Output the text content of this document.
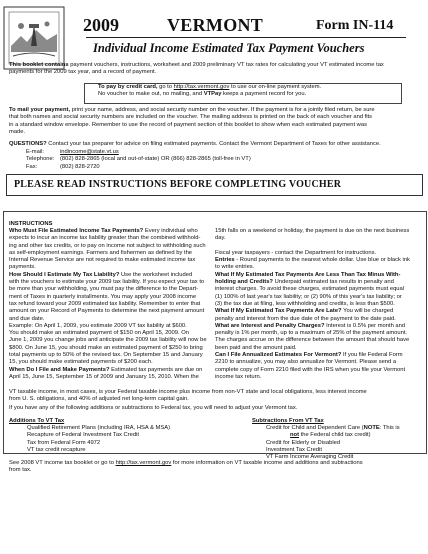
2009	VERMONT	Form IN-114
Individual Income Estimated Tax Payment Vouchers
This booklet contains payment vouchers, instructions, worksheet and 2009 preliminary VT tax rates for calculating your VT estimated income tax
payments for the 2009 tax year, and a record of payment.
To pay by credit card, go to http://tax.vermont.gov to use our on-line payment system.
No voucher to make out, no mailing, and VTPay keeps a payment record for you.
To mail your payment, print your name, address, and social security number on the voucher. If the payment is for a jointly filed return, be sure
that both names and social security numbers are included on the voucher. The mailing address is printed on the back of each voucher and fits
in a standard window envelope. Remember to use the record of payment section of this booklet to show when each estimated payment was
made.
QUESTIONS? Contact your tax preparer for advice on filing estimated payments. Contact the Vermont Department of Taxes for other assistance.
E-mail:
Telephone:
Fax:
indincome@state.vt.us
(802) 828-2865 (local and out-of-state) OR (866) 828-2865 (toll-free in VT)
(802) 828-2720
PLEASE READ INSTRUCTIONS BEFORE COMPLETING VOUCHER
INSTRUCTIONS
Who Must File Estimated Income Tax Payments? Every individual who
expects to incur an income tax liability greater than the combined withhold-
ing and other tax credits, or to pay on income not subject to withholding such
as self-employment earnings. Farmers and fishermen as defined by the
Internal Revenue Service are not required to make estimated income tax
payments.
How Should I Estimate My Tax Liability? Use the worksheet included
with the vouchers to estimate your 2009 tax liability. If you expect your tax to
be more than your withholding, you must pay the difference to the Depart-
ment of Taxes in quarterly installments. You may apply your 2008 income
tax refund toward your 2009 estimated tax liability. Remember to enter that
amount on your Record of Payments to determine the next payment amount
and due date.
Example: On April 1, 2009, you estimate 2009 VT tax liability at $600.
You should make an estimated payment of $150 on April 15, 2009. On
June 1, 2009 you change jobs and anticipate the 2009 tax liability will now be
$800. On June 15, you should make an estimated payment of $250 to bring
total payments up to 50% of the revised tax. On September 15 and January
15, you should make estimated payments of $200 each.
When Do I File and Make Payments? Estimated tax payments are due on
April 15, June 15, September 15 of 2009 and January 15, 2010. When the
15th falls on a weekend or holiday, the payment is due on the next business
day.

Fiscal year taxpayers - contact the Department for instructions.
Entries - Round payments to the nearest whole dollar. Use blue or black ink
to write entries.
What If My Estimated Tax Payments Are Less Than Tax Minus With-
holding and Credits? Underpaid estimated tax results in penalty and
interest charges. To avoid these charges, estimated payments must equal
(1) 100% of last year's tax liability; or (2) 90% of this year's tax liability; or
(3) the tax due at filing, less withholding and credits, is less than $500.
What If My Estimated Tax Payments Are Late? You will be charged
penalty and interest from the due date of the payment to the date paid.
What are Interest and Penalty Charges? Interest is 0.5% per month and
penalty is 1% per month, up to a maximum of 25% of the payment amount.
The charges accrue on the difference between the amount that should have
been paid and the amount paid.
Can I File Annualized Estimates For Vermont? If you file Federal Form
2210 to annualize, you may also annualize for Vermont. Please send a
complete copy of Form 2210 filed with the IRS when you file your Vermont
income tax return.
VT taxable income, in most cases, is your Federal taxable income plus income from non-VT state and local obligations, less interest income
from U. S. obligations, and 40% of adjusted net long-term capital gain.
If you have any of the following additions or subtractions to Federal tax, you will need to adjust your Vermont tax.
Additions To VT Tax
Qualified Retirement Plans (including IRA, HSA & MSA)
Recapture of Federal Investment Tax Credit
Tax from Federal Form 4972
VT tax credit recapture
Subtractions From VT Tax
Credit for Child and Dependent Care (NOTE: This is
not the Federal child tax credit)
Credit for Elderly or Disabled
Investment Tax Credit
VT Farm Income Averaging Credit
See 2008 VT income tax booklet or go to http://tax.vermont.gov for more information on VT taxable income and additions and subtractions
from tax.
